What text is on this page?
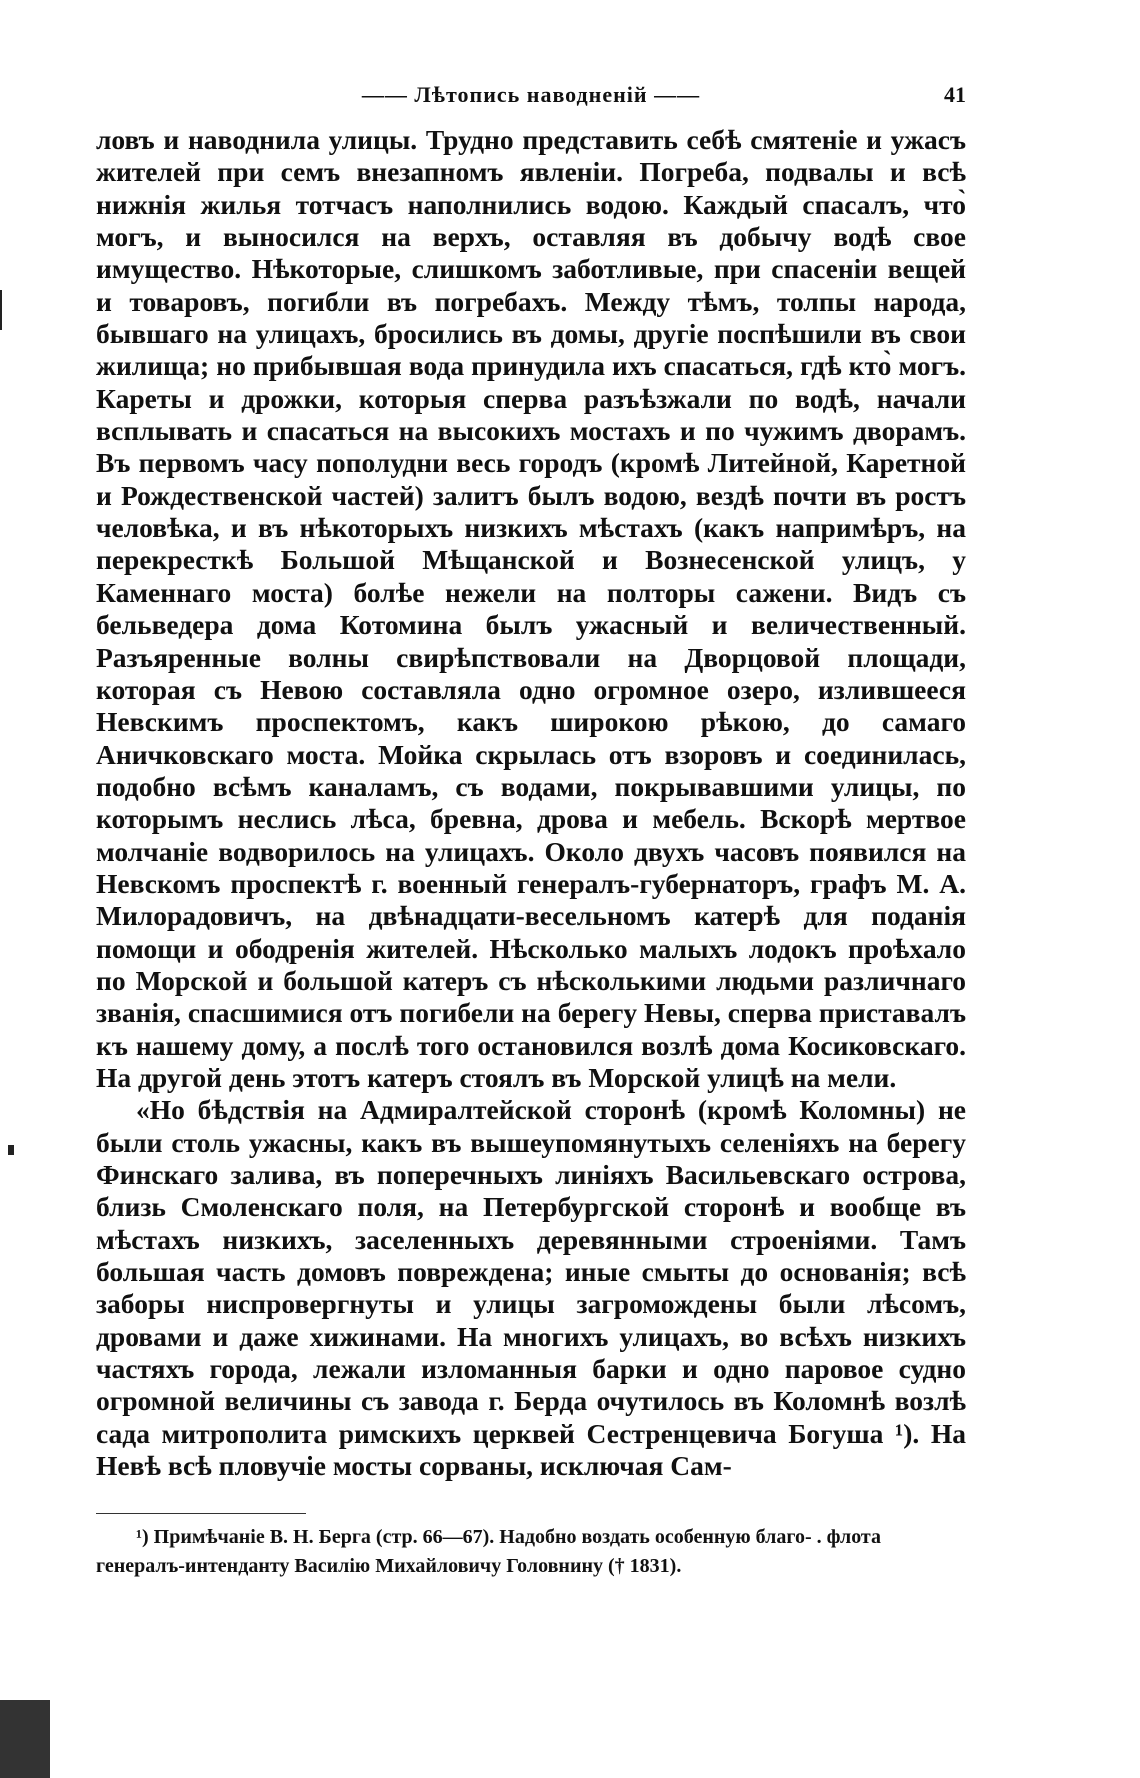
—— Лѣтопись наводненій ——	41

ловъ и наводнила улицы. Трудно представить себѣ смятеніе и ужасъ жителей при семъ внезапномъ явленіи. Погреба, подвалы и всѣ нижнія жилья тотчасъ наполнились водою. Каждый спасалъ, что̀ могъ, и выносился на верхъ, оставляя въ добычу водѣ свое имущество. Нѣкоторые, слишкомъ заботливые, при спасеніи вещей и товаровъ, погибли въ погребахъ. Между тѣмъ, толпы народа, бывшаго на улицахъ, бросились въ домы, другіе поспѣшили въ свои жилища; но прибывшая вода принудила ихъ спасаться, гдѣ кто̀ могъ. Кареты и дрожки, которыя сперва разъѣзжали по водѣ, начали всплывать и спасаться на высокихъ мостахъ и по чужимъ дворамъ. Въ первомъ часу пополудни весь городъ (кромѣ Литейной, Каретной и Рождественской частей) залитъ былъ водою, вездѣ почти въ ростъ человѣка, и въ нѣкоторыхъ низкихъ мѣстахъ (какъ напримѣръ, на перекресткѣ Большой Мѣщанской и Вознесенской улицъ, у Каменнаго моста) болѣе нежели на полторы сажени. Видъ съ бельведера дома Котомина былъ ужасный и величественный. Разъяренные волны свирѣпствовали на Дворцовой площади, которая съ Невою составляла одно огромное озеро, излившееся Невскимъ проспектомъ, какъ широкою рѣкою, до самаго Аничковскаго моста. Мойка скрылась отъ взоровъ и соединилась, подобно всѣмъ каналамъ, съ водами, покрывавшими улицы, по которымъ неслись лѣса, бревна, дрова и мебель. Вскорѣ мертвое молчаніе водворилось на улицахъ. Около двухъ часовъ появился на Невскомъ проспектѣ г. военный генералъ-губернаторъ, графъ М. А. Милорадовичъ, на двѣнадцати-весельномъ катерѣ для поданія помощи и ободренія жителей. Нѣсколько малыхъ лодокъ проѣхало по Морской и большой катеръ съ нѣсколькими людьми различнаго званія, спасшимися отъ погибели на берегу Невы, сперва приставалъ къ нашему дому, а послѣ того остановился возлѣ дома Косиковскаго. На другой день этотъ катеръ стоялъ въ Морской улицѣ на мели.

«Но бѣдствія на Адмиралтейской сторонѣ (кромѣ Коломны) не были столь ужасны, какъ въ вышеупомянутыхъ селеніяхъ на берегу Финскаго залива, въ поперечныхъ линіяхъ Васильевскаго острова, близь Смоленскаго поля, на Петербургской сторонѣ и вообще въ мѣстахъ низкихъ, заселенныхъ деревянными строеніями. Тамъ большая часть домовъ повреждена; иные смыты до основанія; всѣ заборы ниспровергнуты и улицы загромождены были лѣсомъ, дровами и даже хижинами. На многихъ улицахъ, во всѣхъ низкихъ частяхъ города, лежали изломанныя барки и одно паровое судно огромной величины съ завода г. Берда очутилось въ Коломнѣ возлѣ сада митрополита римскихъ церквей Сестренцевича Богуша ¹). На Невѣ всѣ пловучіе мосты сорваны, исключая Сам-

¹) Примѣчаніе В. Н. Берга (стр. 66—67). Надобно воздать особенную благо- . флота генералъ-интенданту Василію Михайловичу Головнину († 1831).
